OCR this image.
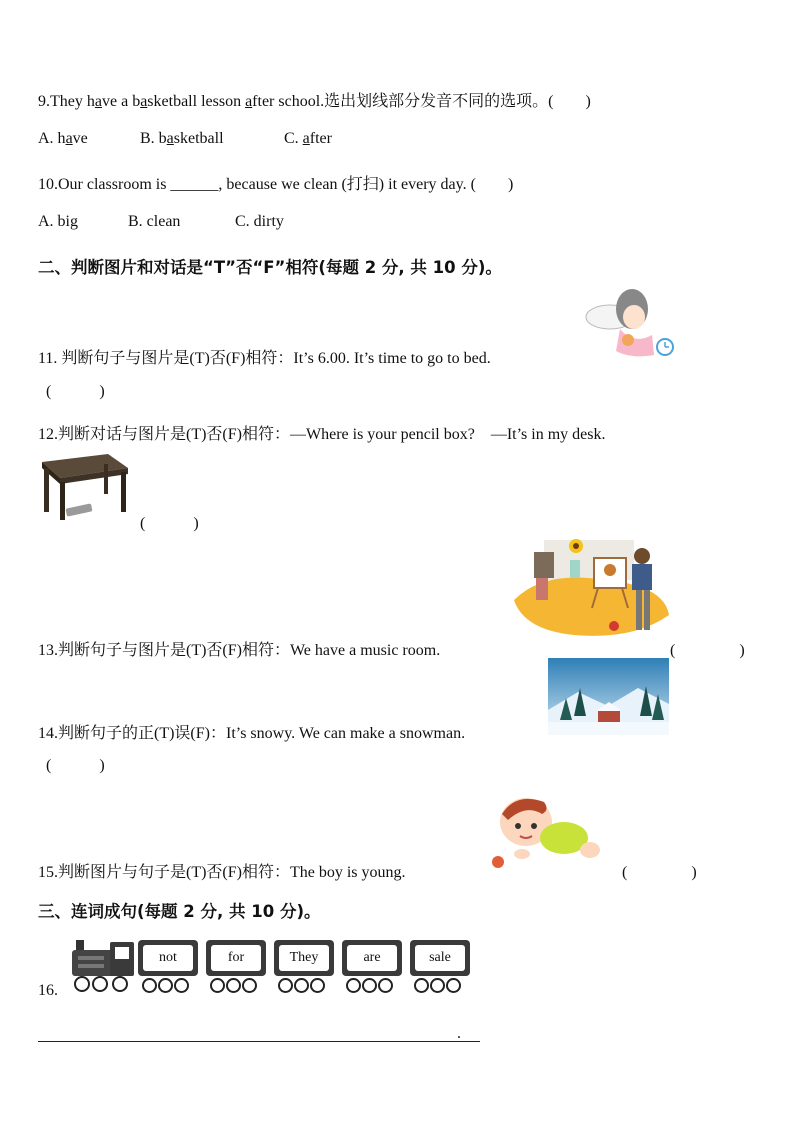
9.They have a basketball lesson after school.选出划线部分发音不同的选项。(　　)
A. have	B. basketball	C. after
10.Our classroom is ______, because we clean (打扫) it every day. (　　)
A. big	B. clean	C. dirty
二、判断图片和对话是“T”否“F”相符(每题 2 分, 共 10 分)。
11. 判断句子与图片是(T)否(F)相符：It’s 6.00. It’s time to go to bed.
(　　　)
12.判断对话与图片是(T)否(F)相符：—Where is your pencil box?　—It’s in my desk.
(　　　)
13.判断句子与图片是(T)否(F)相符：We have a music room.	(　　　　)
14.判断句子的正(T)误(F)：It’s snowy. We can make a snowman.
(　　　)
15.判断图片与句子是(T)否(F)相符：The boy is young.	(　　　　)
三、连词成句(每题 2 分, 共 10 分)。
16.
not	for	They	are	sale
.
